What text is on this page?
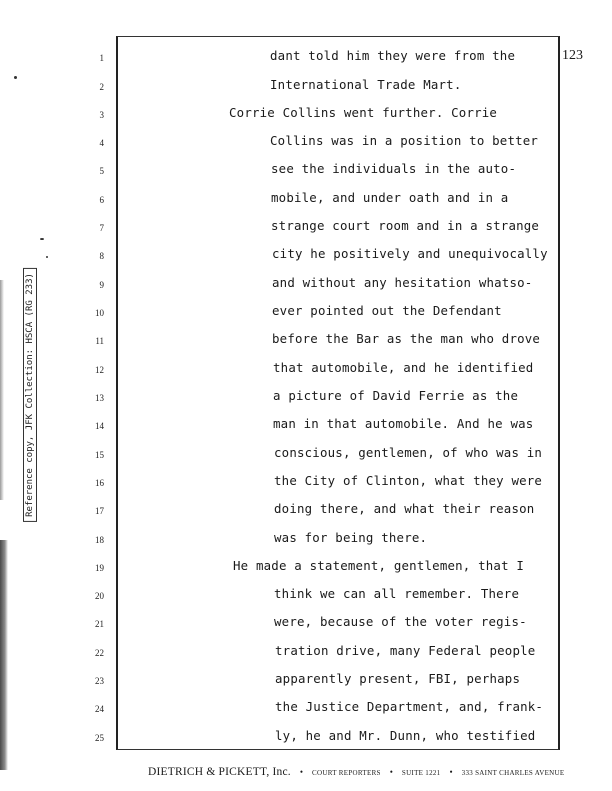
Reference copy, JFK Collection: HSCA (RG 233)
123
1
2
3
4
5
6
7
8
9
10
11
12
13
14
15
16
17
18
19
20
21
22
23
24
25
dant told him they were from the
International Trade Mart.
Corrie Collins went further. Corrie
Collins was in a position to better
see the individuals in the auto-
mobile, and under oath and in a
strange court room and in a strange
city he positively and unequivocally
and without any hesitation whatso-
ever pointed out the Defendant
before the Bar as the man who drove
that automobile, and he identified
a picture of David Ferrie as the
man in that automobile. And he was
conscious, gentlemen, of who was in
the City of Clinton, what they were
doing there, and what their reason
was for being there.
He made a statement, gentlemen, that I
think we can all remember. There
were, because of the voter regis-
tration drive, many Federal people
apparently present, FBI, perhaps
the Justice Department, and, frank-
ly, he and Mr. Dunn, who testified
DIETRICH & PICKETT, Inc. • COURT REPORTERS • SUITE 1221 • 333 SAINT CHARLES AVENUE
